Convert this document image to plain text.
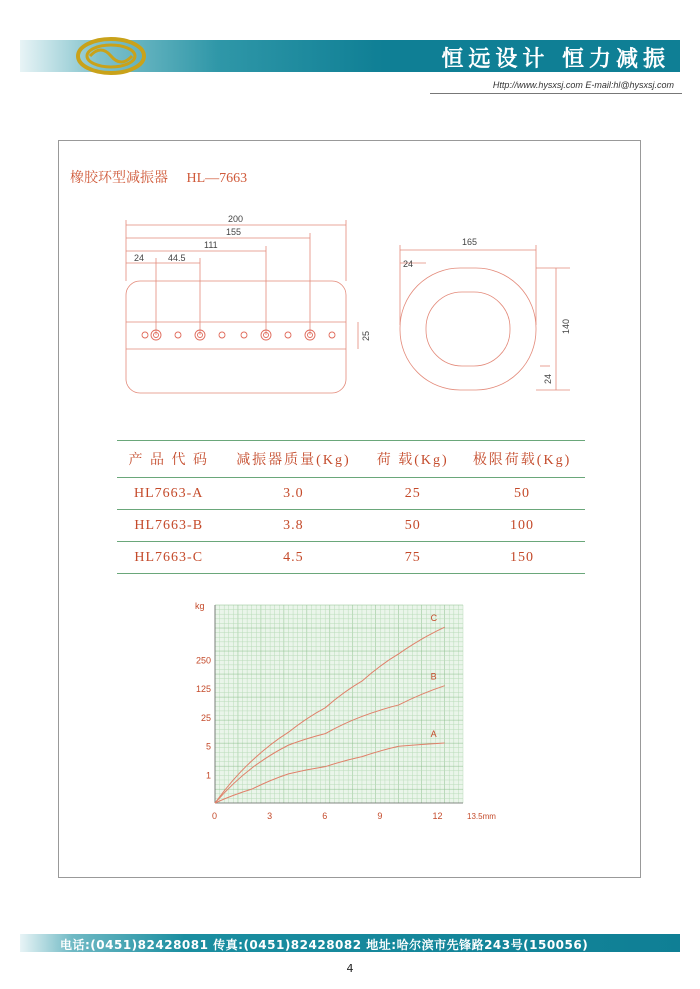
恒远设计 恒力减振
Http://www.hysxsj.com E-mail:hl@hysxsj.com
橡胶环型减振器 HL—7663
200
155
111
44.5
24
25
165
24
140
24
产 品 代 码	减振器质量(Kg)	荷 载(Kg)	极限荷载(Kg)
HL7663-A	3.0	25	50
HL7663-B	3.8	50	100
HL7663-C	4.5	75	150
0	3	6	9	12	13.5mm
1
5
25
125
250
kg
A
B
C
电话:(0451)82428081 传真:(0451)82428082 地址:哈尔滨市先锋路243号(150056)
4
